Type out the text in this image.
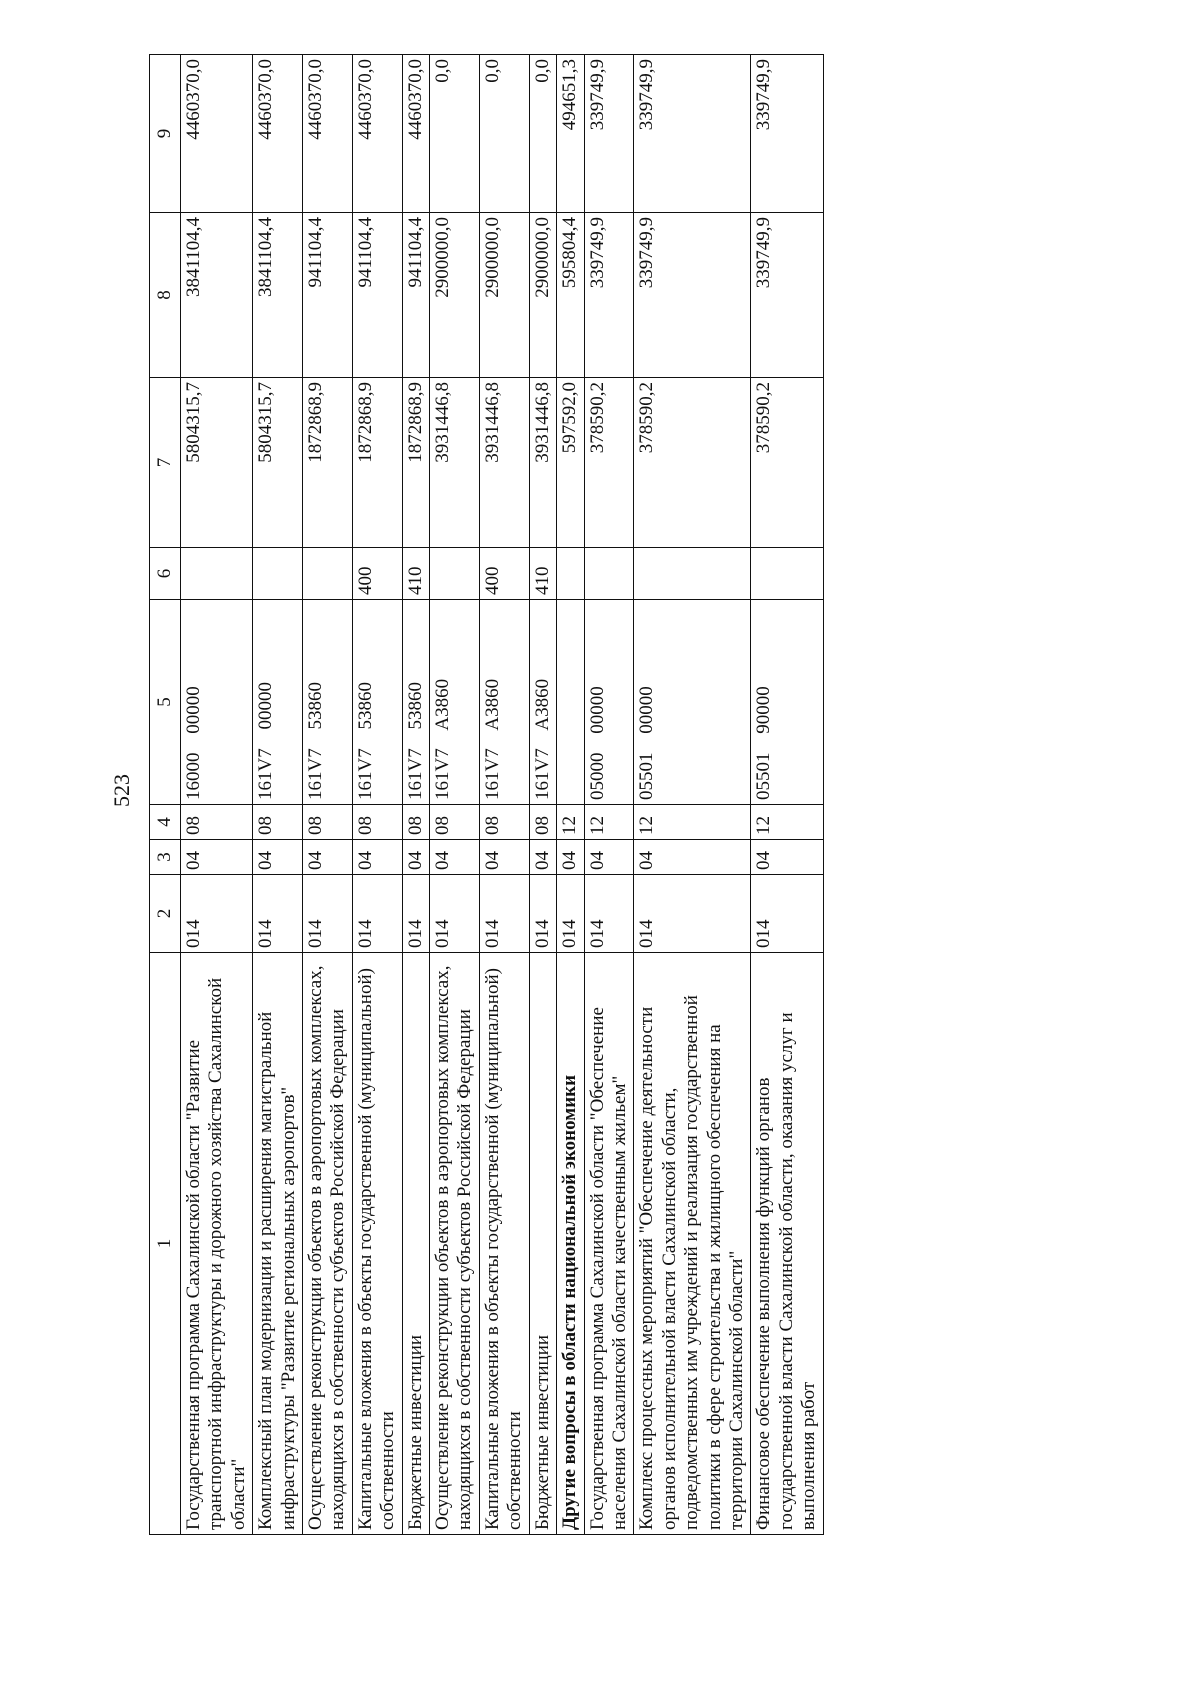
523
1	2	3	4	5	6	7	8	9
Государственная программа Сахалинской области "Развитие транспортной инфраструктуры и дорожного хозяйства Сахалинской области"	014	04	08	16000 00000		5804315,7	3841104,4	4460370,0
Комплексный план модернизации и расширения магистральной инфраструктуры "Развитие региональных аэропортов"	014	04	08	161V7 00000		5804315,7	3841104,4	4460370,0
Осуществление реконструкции объектов в аэропортовых комплексах, находящихся в собственности субъектов Российской Федерации	014	04	08	161V7 53860		1872868,9	941104,4	4460370,0
Капитальные вложения в объекты государственной (муниципальной) собственности	014	04	08	161V7 53860	400	1872868,9	941104,4	4460370,0
Бюджетные инвестиции	014	04	08	161V7 53860	410	1872868,9	941104,4	4460370,0
Осуществление реконструкции объектов в аэропортовых комплексах, находящихся в собственности субъектов Российской Федерации	014	04	08	161V7 A3860		3931446,8	2900000,0	0,0
Капитальные вложения в объекты государственной (муниципальной) собственности	014	04	08	161V7 A3860	400	3931446,8	2900000,0	0,0
Бюджетные инвестиции	014	04	08	161V7 A3860	410	3931446,8	2900000,0	0,0
Другие вопросы в области национальной экономики	014	04	12			597592,0	595804,4	494651,3
Государственная программа Сахалинской области "Обеспечение населения Сахалинской области качественным жильем"	014	04	12	05000 00000		378590,2	339749,9	339749,9
Комплекс процессных мероприятий "Обеспечение деятельности органов исполнительной власти Сахалинской области, подведомственных им учреждений и реализация государственной политики в сфере строительства и жилищного обеспечения на территории Сахалинской области"	014	04	12	05501 00000		378590,2	339749,9	339749,9
Финансовое обеспечение выполнения функций органов государственной власти Сахалинской области, оказания услуг и выполнения работ	014	04	12	05501 90000		378590,2	339749,9	339749,9
